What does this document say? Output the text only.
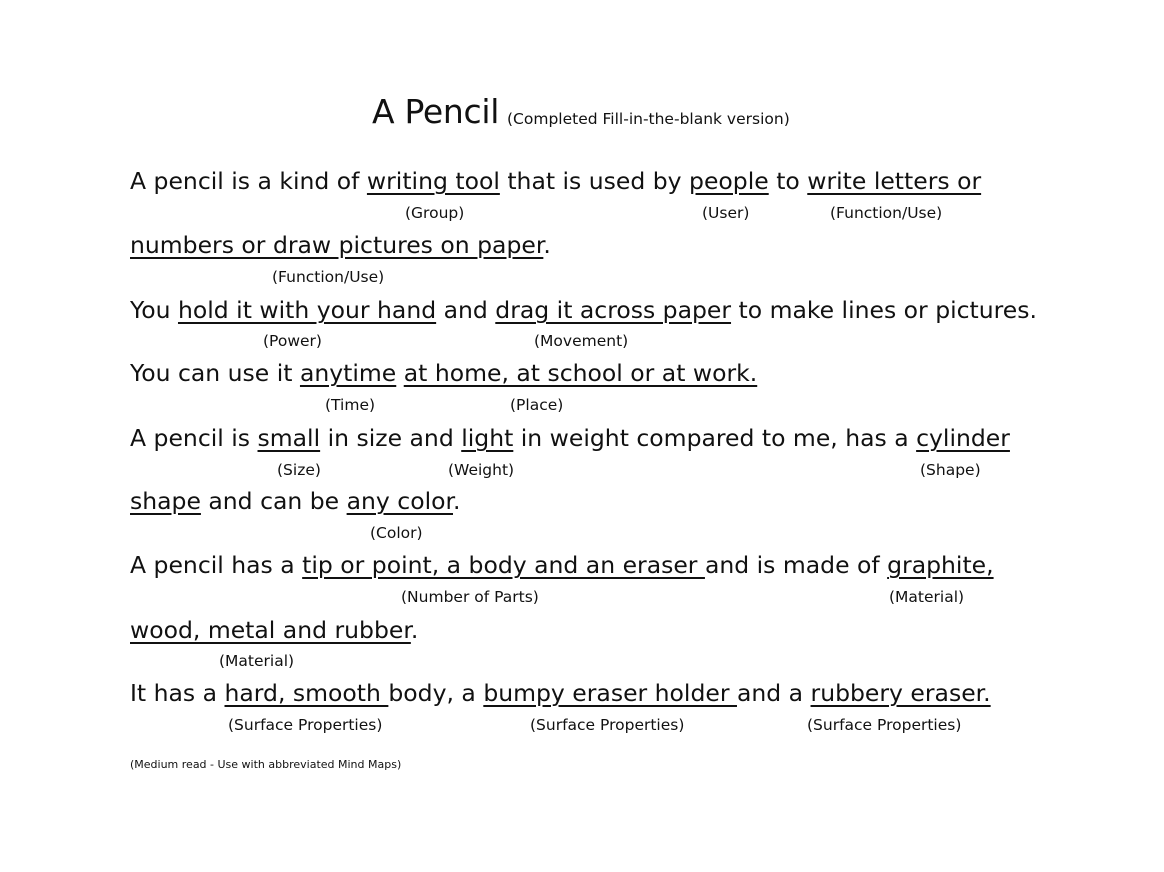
A Pencil (Completed Fill-in-the-blank version)
A pencil is a kind of writing tool that is used by people to write letters or
(Group)	(User)	(Function/Use)
numbers or draw pictures on paper.
(Function/Use)
You hold it with your hand and drag it across paper to make lines or pictures.
(Power)	(Movement)
You can use it anytime at home, at school or at work.
(Time)	(Place)
A pencil is small in size and light in weight compared to me, has a cylinder
(Size)	(Weight)	(Shape)
shape and can be any color.
(Color)
A pencil has a tip or point, a body and an eraser and is made of graphite,
(Number of Parts)	(Material)
wood, metal and rubber.
(Material)
It has a hard, smooth body, a bumpy eraser holder and a rubbery eraser.
(Surface Properties)	(Surface Properties)	(Surface Properties)
(Medium read - Use with abbreviated Mind Maps)
